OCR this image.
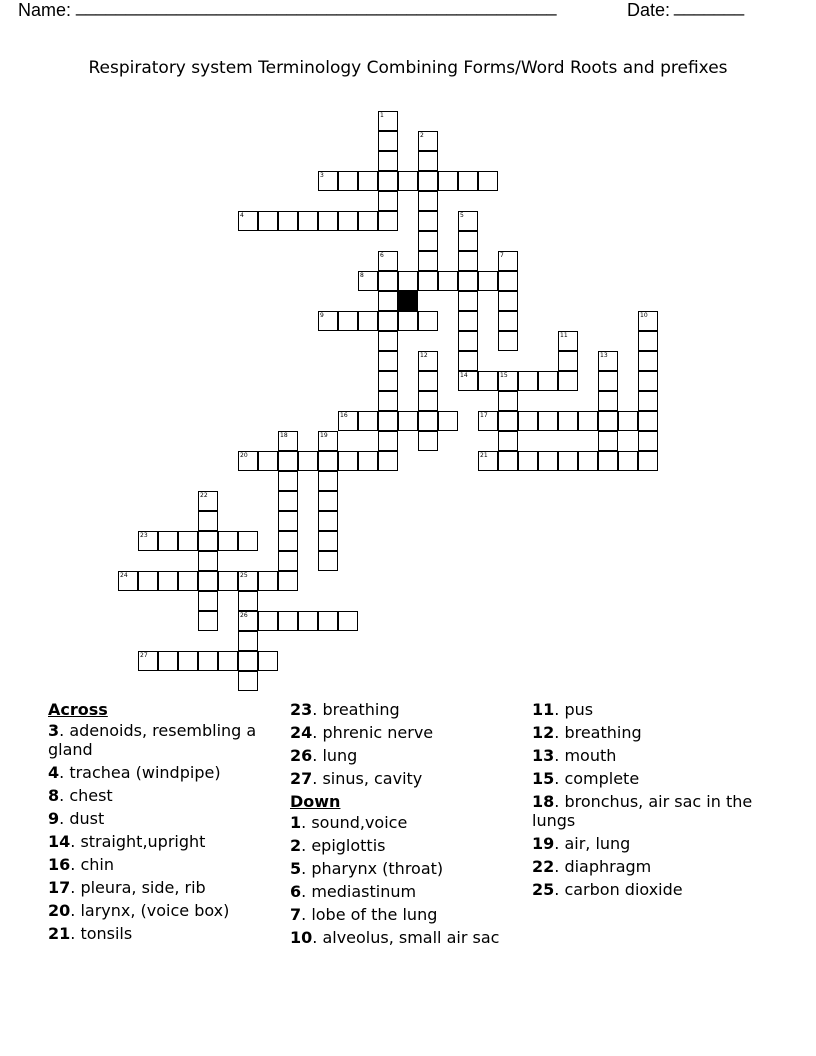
Name: ________________________________________________	Date: _______
Respiratory system Terminology Combining Forms/Word Roots and prefixes
1
2
3
4	5
6	7
8
9	10
11
12	13
14	15
16	17
18	19
20	21
22
23
24	25
26
27
Across
3. adenoids, resembling a gland
4. trachea (windpipe)
8. chest
9. dust
14. straight,upright
16. chin
17. pleura, side, rib
20. larynx, (voice box)
21. tonsils
23. breathing
24. phrenic nerve
26. lung
27. sinus, cavity
Down
1. sound,voice
2. epiglottis
5. pharynx (throat)
6. mediastinum
7. lobe of the lung
10. alveolus, small air sac
11. pus
12. breathing
13. mouth
15. complete
18. bronchus, air sac in the lungs
19. air, lung
22. diaphragm
25. carbon dioxide
